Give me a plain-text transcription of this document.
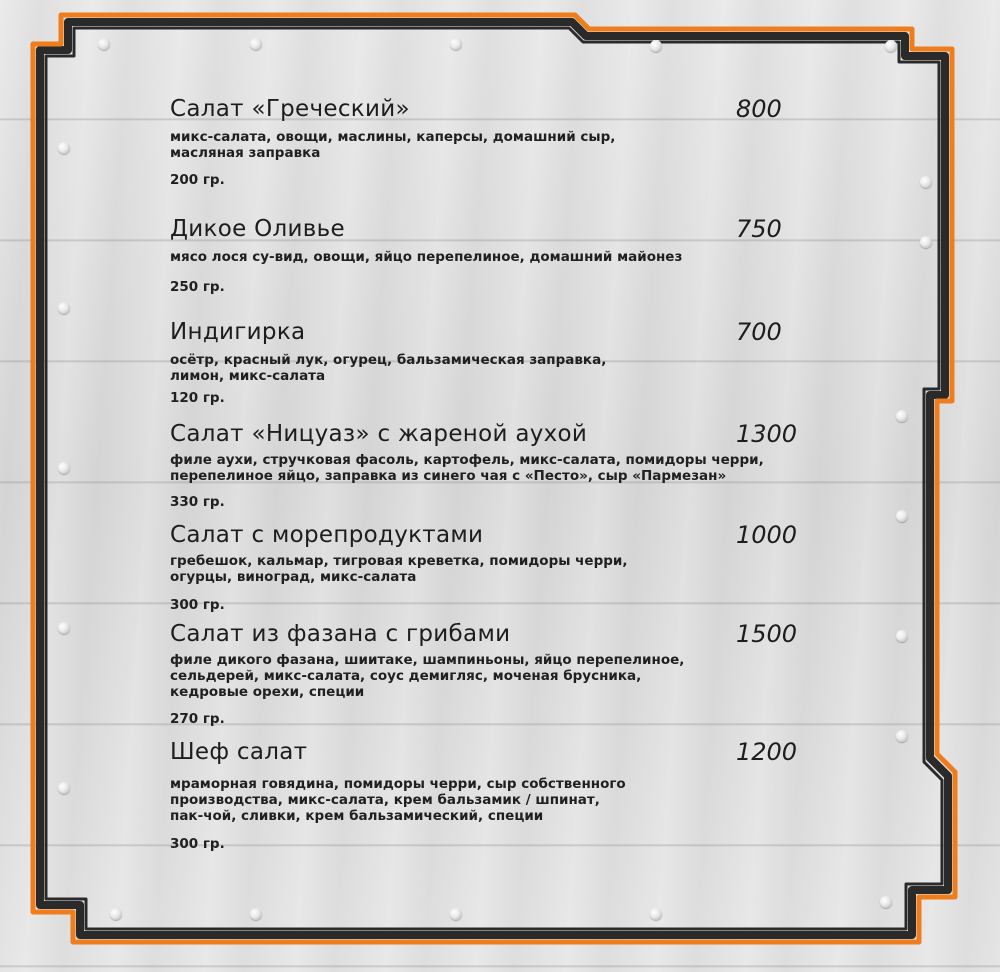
Салат «Греческий»	800
микс-салата, овощи, маслины, каперсы, домашний сыр,
масляная заправка
200 гр.
Дикое Оливье	750
мясо лося су-вид, овощи, яйцо перепелиное, домашний майонез
250 гр.
Индигирка	700
осётр, красный лук, огурец, бальзамическая заправка,
лимон, микс-салата
120 гр.
Салат «Ницуаз» с жареной аухой	1300
филе аухи, стручковая фасоль, картофель, микс-салата, помидоры черри,
перепелиное яйцо, заправка из синего чая с «Песто», сыр «Пармезан»
330 гр.
Салат с морепродуктами	1000
гребешок, кальмар, тигровая креветка, помидоры черри,
огурцы, виноград, микс-салата
300 гр.
Салат из фазана с грибами	1500
филе дикого фазана, шиитаке, шампиньоны, яйцо перепелиное,
сельдерей, микс-салата, соус демигляс, моченая брусника,
кедровые орехи, специи
270 гр.
Шеф салат	1200
мраморная говядина, помидоры черри, сыр собственного
производства, микс-салата, крем бальзамик / шпинат,
пак-чой, сливки, крем бальзамический, специи
300 гр.
